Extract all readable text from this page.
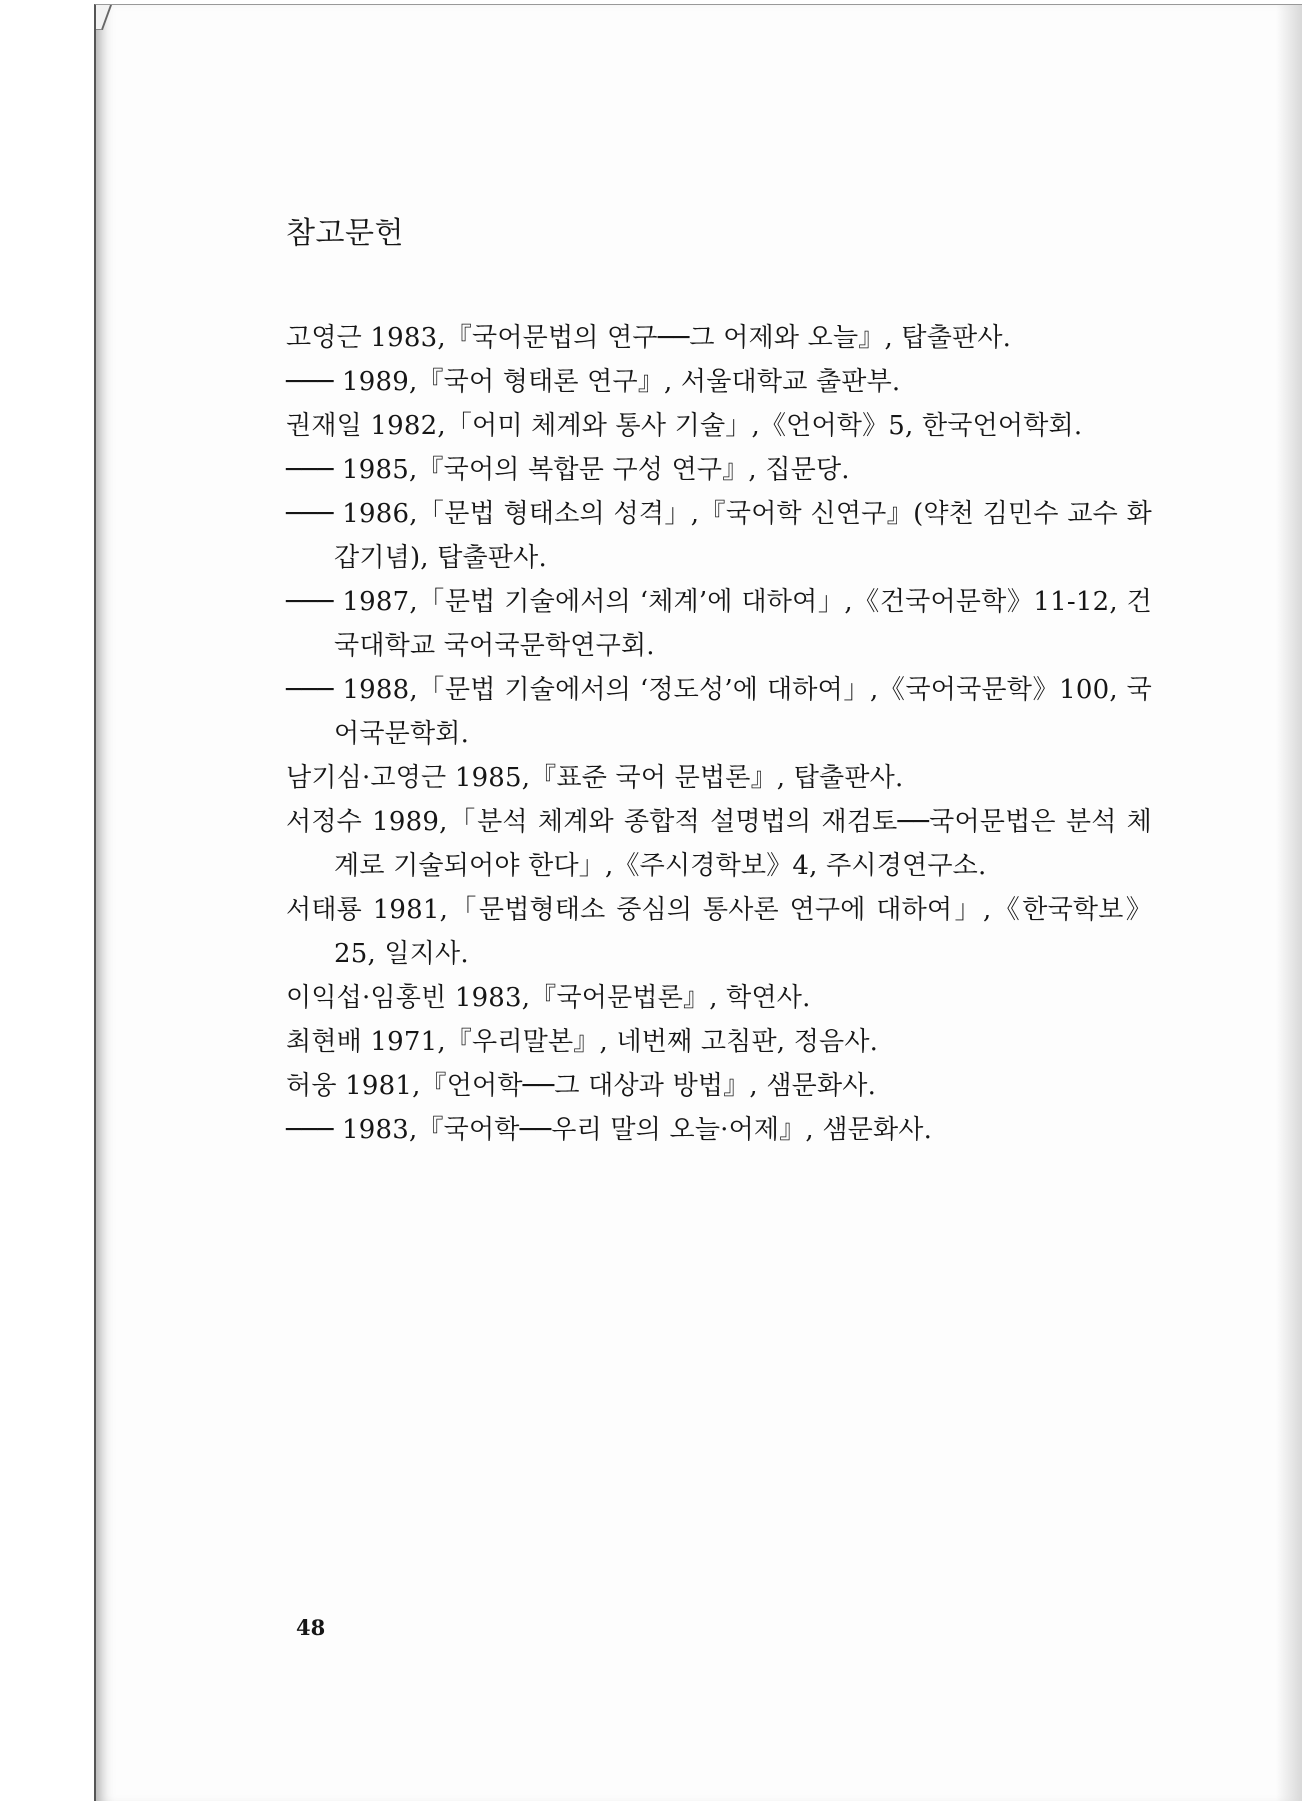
참고문헌
고영근 1983,『국어문법의 연구──그 어제와 오늘』, 탑출판사.
─── 1989,『국어 형태론 연구』, 서울대학교 출판부.
권재일 1982,「어미 체계와 통사 기술」,《언어학》5, 한국언어학회.
─── 1985,『국어의 복합문 구성 연구』, 집문당.
─── 1986,「문법 형태소의 성격」,『국어학 신연구』(약천 김민수 교수 화갑기념), 탑출판사.
─── 1987,「문법 기술에서의 ‘체계’에 대하여」,《건국어문학》11-12, 건국대학교 국어국문학연구회.
─── 1988,「문법 기술에서의 ‘정도성’에 대하여」,《국어국문학》100, 국어국문학회.
남기심·고영근 1985,『표준 국어 문법론』, 탑출판사.
서정수 1989,「분석 체계와 종합적 설명법의 재검토──국어문법은 분석 체계로 기술되어야 한다」,《주시경학보》4, 주시경연구소.
서태룡 1981,「문법형태소 중심의 통사론 연구에 대하여」,《한국학보》25, 일지사.
이익섭·임홍빈 1983,『국어문법론』, 학연사.
최현배 1971,『우리말본』, 네번째 고침판, 정음사.
허웅 1981,『언어학──그 대상과 방법』, 샘문화사.
─── 1983,『국어학──우리 말의 오늘·어제』, 샘문화사.
48
